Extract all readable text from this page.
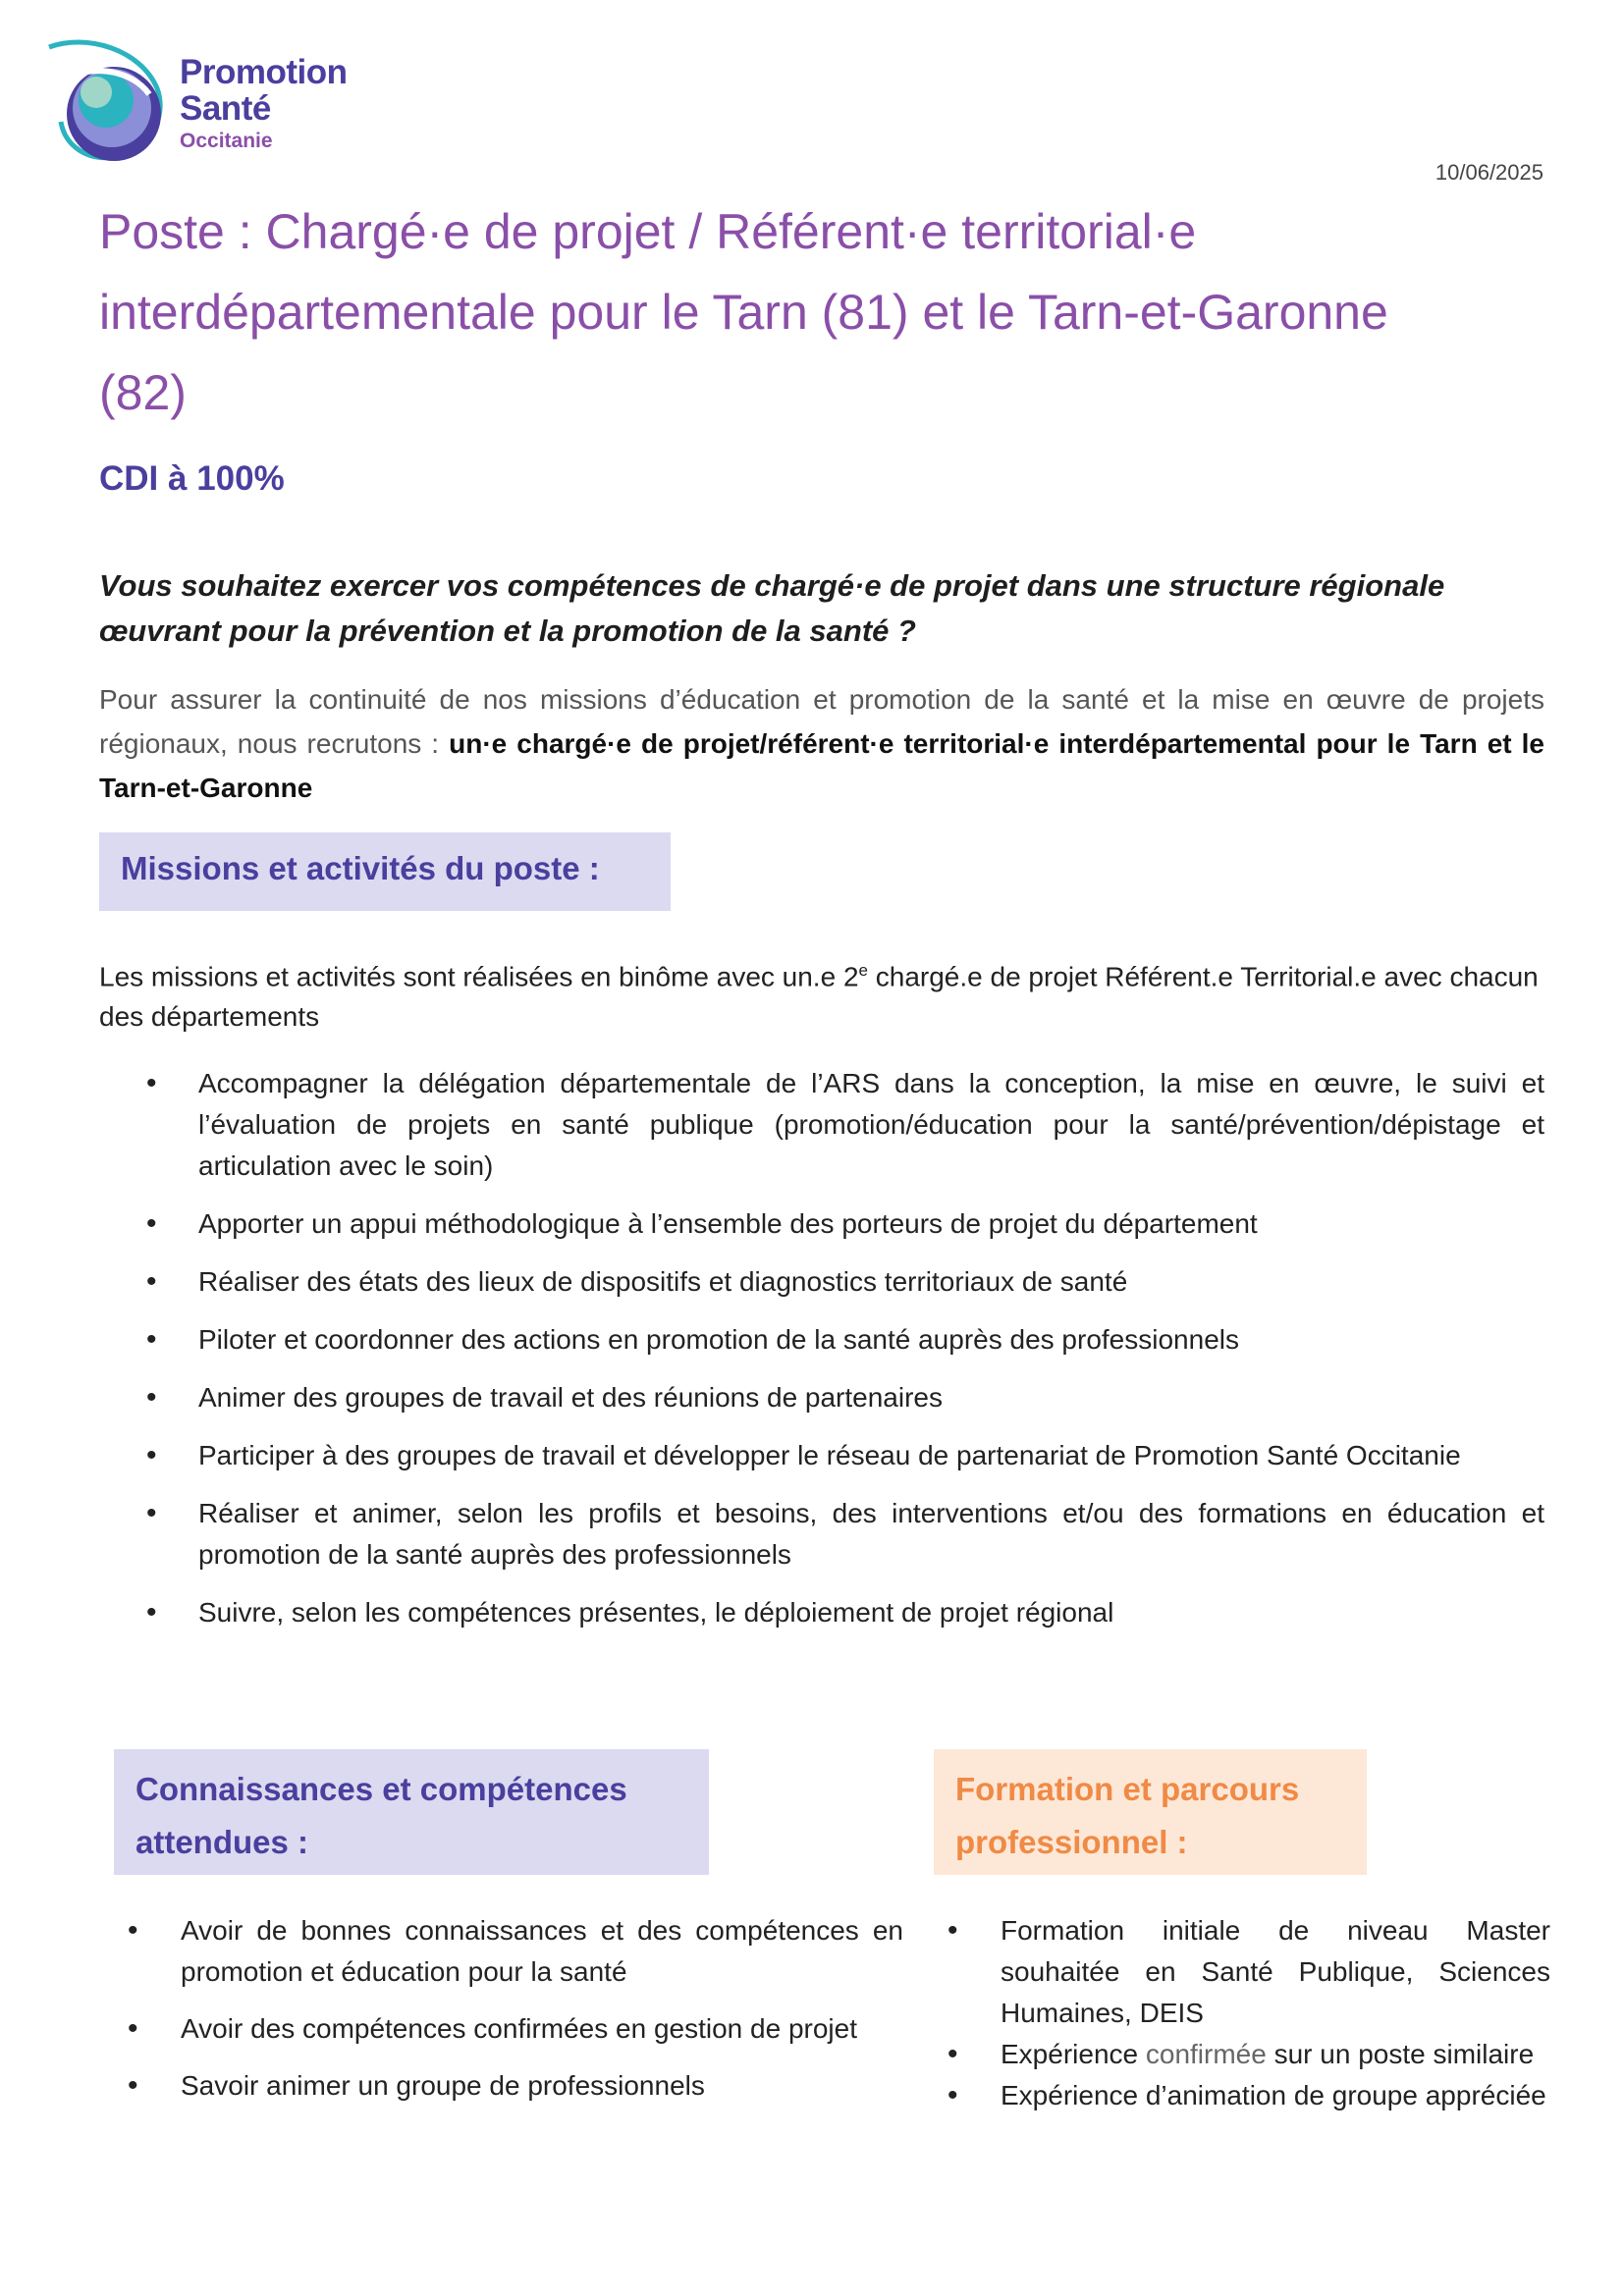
Promotion
Santé
Occitanie
10/06/2025
Poste : Chargé·e de projet / Référent·e territorial·e interdépartementale pour le Tarn (81) et le Tarn-et-Garonne (82)
CDI à 100%

Vous souhaitez exercer vos compétences de chargé·e de projet dans une structure régionale œuvrant pour la prévention et la promotion de la santé ?

Pour assurer la continuité de nos missions d’éducation et promotion de la santé et la mise en œuvre de projets régionaux, nous recrutons : un·e chargé·e de projet/référent·e territorial·e interdépartemental pour le Tarn et le Tarn-et-Garonne

Missions et activités du poste :

Les missions et activités sont réalisées en binôme avec un.e 2e chargé.e de projet Référent.e Territorial.e avec chacun des départements

• Accompagner la délégation départementale de l’ARS dans la conception, la mise en œuvre, le suivi et l’évaluation de projets en santé publique (promotion/éducation pour la santé/prévention/dépistage et articulation avec le soin)
• Apporter un appui méthodologique à l’ensemble des porteurs de projet du département
• Réaliser des états des lieux de dispositifs et diagnostics territoriaux de santé
• Piloter et coordonner des actions en promotion de la santé auprès des professionnels
• Animer des groupes de travail et des réunions de partenaires
• Participer à des groupes de travail et développer le réseau de partenariat de Promotion Santé Occitanie
• Réaliser et animer, selon les profils et besoins, des interventions et/ou des formations en éducation et promotion de la santé auprès des professionnels
• Suivre, selon les compétences présentes, le déploiement de projet régional
Connaissances et compétences
attendues :
Formation et parcours
professionnel :
• Avoir de bonnes connaissances et des compétences en promotion et éducation pour la santé
• Avoir des compétences confirmées en gestion de projet
• Savoir animer un groupe de professionnels
• Formation initiale de niveau Master souhaitée en Santé Publique, Sciences Humaines, DEIS
• Expérience confirmée sur un poste similaire
• Expérience d’animation de groupe appréciée
